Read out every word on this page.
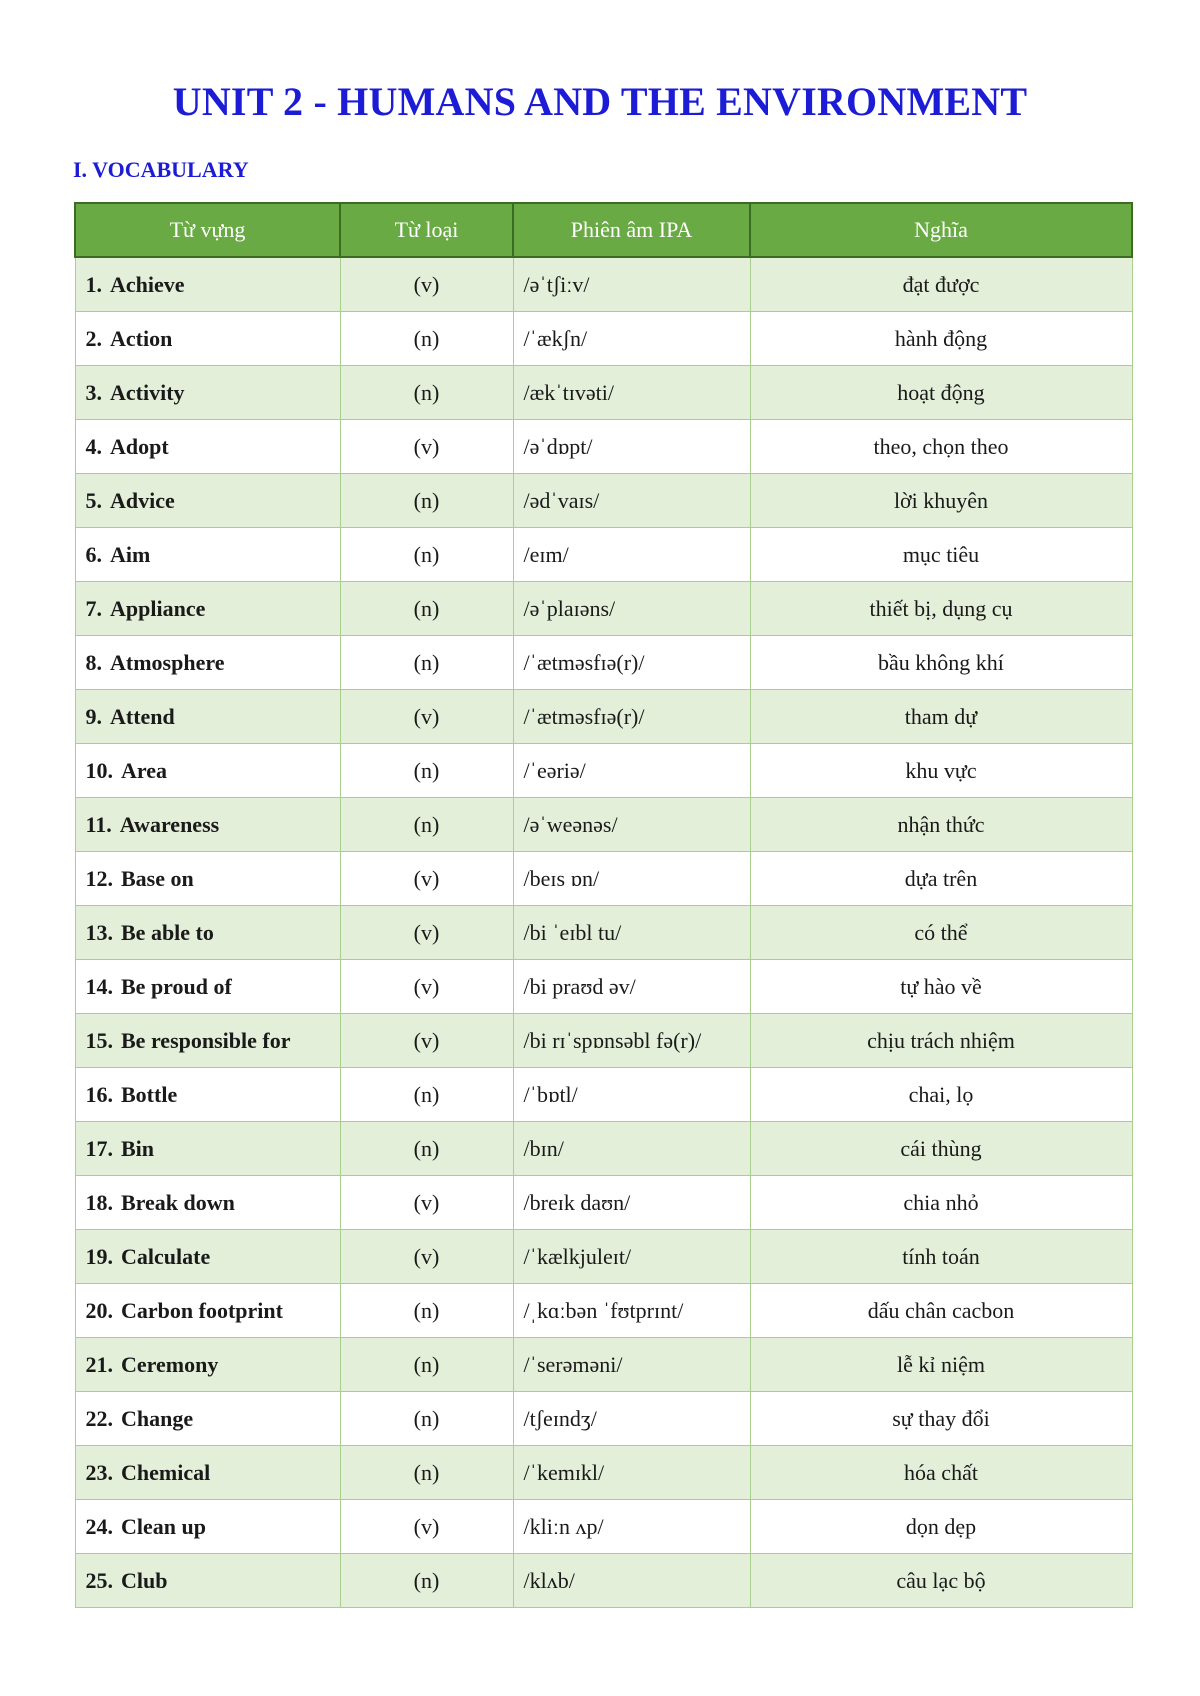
UNIT 2 - HUMANS AND THE ENVIRONMENT
I. VOCABULARY
Từ vựng	Từ loại	Phiên âm IPA	Nghĩa
1. Achieve	(v)	/əˈtʃiːv/	đạt được
2. Action	(n)	/ˈækʃn/	hành động
3. Activity	(n)	/ækˈtɪvəti/	hoạt động
4. Adopt	(v)	/əˈdɒpt/	theo, chọn theo
5. Advice	(n)	/ədˈvaɪs/	lời khuyên
6. Aim	(n)	/eɪm/	mục tiêu
7. Appliance	(n)	/əˈplaɪəns/	thiết bị, dụng cụ
8. Atmosphere	(n)	/ˈætməsfɪə(r)/	bầu không khí
9. Attend	(v)	/ˈætməsfɪə(r)/	tham dự
10. Area	(n)	/ˈeəriə/	khu vực
11. Awareness	(n)	/əˈweənəs/	nhận thức
12. Base on	(v)	/beɪs ɒn/	dựa trên
13. Be able to	(v)	/bi ˈeɪbl tu/	có thể
14. Be proud of	(v)	/bi praʊd əv/	tự hào về
15. Be responsible for	(v)	/bi rɪˈspɒnsəbl fə(r)/	chịu trách nhiệm
16. Bottle	(n)	/ˈbɒtl/	chai, lọ
17. Bin	(n)	/bɪn/	cái thùng
18. Break down	(v)	/breɪk daʊn/	chia nhỏ
19. Calculate	(v)	/ˈkælkjuleɪt/	tính toán
20. Carbon footprint	(n)	/ˌkɑːbən ˈfʊtprɪnt/	dấu chân cacbon
21. Ceremony	(n)	/ˈserəməni/	lễ kỉ niệm
22. Change	(n)	/tʃeɪndʒ/	sự thay đổi
23. Chemical	(n)	/ˈkemɪkl/	hóa chất
24. Clean up	(v)	/kliːn ʌp/	dọn dẹp
25. Club	(n)	/klʌb/	câu lạc bộ
